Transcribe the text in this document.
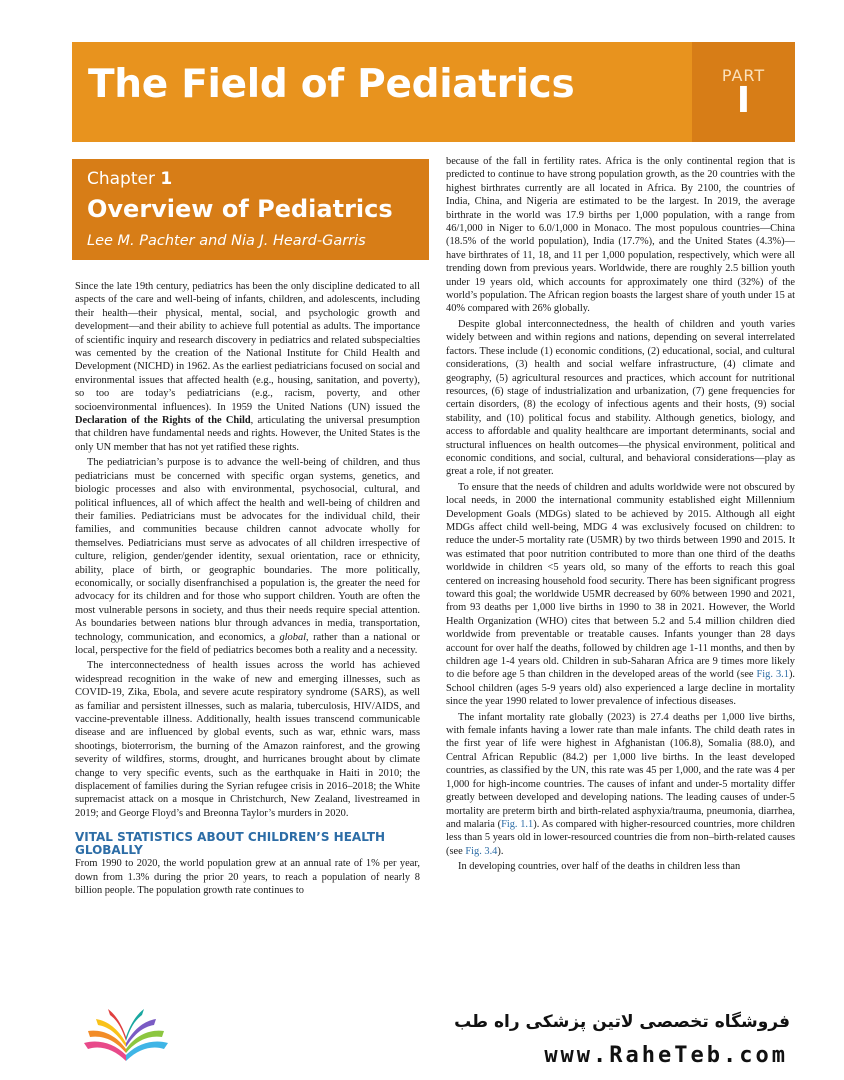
The Field of Pediatrics	PART
I
Chapter 1
Overview of Pediatrics
Lee M. Pachter and Nia J. Heard-Garris

Since the late 19th century, pediatrics has been the only discipline dedicated to all aspects of the care and well-being of infants, children, and adolescents, including their health—their physical, mental, social, and psychologic growth and development—and their ability to achieve full potential as adults. The importance of scientific inquiry and research discovery in pediatrics and related subspecialties was cemented by the creation of the National Institute for Child Health and Development (NICHD) in 1962. As the earliest pediatricians focused on social and environmental issues that affected health (e.g., housing, sanitation, and poverty), so too are today’s pediatricians (e.g., racism, poverty, and other socioenvironmental influences). In 1959 the United Nations (UN) issued the Declaration of the Rights of the Child, articulating the universal presumption that children have fundamental needs and rights. However, the United States is the only UN member that has not yet ratified these rights.

The pediatrician’s purpose is to advance the well-being of children, and thus pediatricians must be concerned with specific organ systems, genetics, and biologic processes and also with environmental, psychosocial, cultural, and political influences, all of which affect the health and well-being of children and their families. Pediatricians must be advocates for the individual child, their families, and communities because children cannot advocate wholly for themselves. Pediatricians must serve as advocates of all children irrespective of culture, religion, gender/gender identity, sexual orientation, race or ethnicity, ability, place of birth, or geographic boundaries. The more politically, economically, or socially disenfranchised a population is, the greater the need for advocacy for its children and for those who support children. Youth are often the most vulnerable persons in society, and thus their needs require special attention. As boundaries between nations blur through advances in media, transportation, technology, communication, and economics, a global, rather than a national or local, perspective for the field of pediatrics becomes both a reality and a necessity.

The interconnectedness of health issues across the world has achieved widespread recognition in the wake of new and emerging illnesses, such as COVID-19, Zika, Ebola, and severe acute respiratory syndrome (SARS), as well as familiar and persistent illnesses, such as malaria, tuberculosis, HIV/AIDS, and vaccine-preventable illness. Additionally, health issues transcend communicable disease and are influenced by global events, such as war, ethnic wars, mass shootings, bioterrorism, the burning of the Amazon rainforest, and the growing severity of wildfires, storms, drought, and hurricanes brought about by climate change to very specific events, such as the earthquake in Haiti in 2010; the displacement of families during the Syrian refugee crisis in 2016–2018; the White supremacist attack on a mosque in Christchurch, New Zealand, livestreamed in 2019; and George Floyd’s and Breonna Taylor’s murders in 2020.

VITAL STATISTICS ABOUT CHILDREN’S HEALTH GLOBALLY

From 1990 to 2020, the world population grew at an annual rate of 1% per year, down from 1.3% during the prior 20 years, to reach a population of nearly 8 billion people. The population growth rate continues to

because of the fall in fertility rates. Africa is the only continental region that is predicted to continue to have strong population growth, as the 20 countries with the highest birthrates currently are all located in Africa. By 2100, the countries of India, China, and Nigeria are estimated to be the largest. In 2019, the average birthrate in the world was 17.9 births per 1,000 population, with a range from 46/1,000 in Niger to 6.0/1,000 in Monaco. The most populous countries—China (18.5% of the world population), India (17.7%), and the United States (4.3%)—have birthrates of 11, 18, and 11 per 1,000 population, respectively, which were all trending down from previous years. Worldwide, there are roughly 2.5 billion youth under 19 years old, which accounts for approximately one third (32%) of the world’s population. The African region boasts the largest share of youth under 15 at 40% compared with 26% globally.

Despite global interconnectedness, the health of children and youth varies widely between and within regions and nations, depending on several interrelated factors. These include (1) economic conditions, (2) educational, social, and cultural considerations, (3) health and social welfare infrastructure, (4) climate and geography, (5) agricultural resources and practices, which account for nutritional resources, (6) stage of industrialization and urbanization, (7) gene frequencies for certain disorders, (8) the ecology of infectious agents and their hosts, (9) social stability, and (10) political focus and stability. Although genetics, biology, and access to affordable and quality healthcare are important determinants, social and structural influences on health outcomes—the physical environment, political and economic conditions, and social, cultural, and behavioral considerations—play as great a role, if not greater.

To ensure that the needs of children and adults worldwide were not obscured by local needs, in 2000 the international community established eight Millennium Development Goals (MDGs) slated to be achieved by 2015. Although all eight MDGs affect child well-being, MDG 4 was exclusively focused on children: to reduce the under-5 mortality rate (U5MR) by two thirds between 1990 and 2015. It was estimated that poor nutrition contributed to more than one third of the deaths worldwide in children <5 years old, so many of the efforts to reach this goal centered on increasing household food security. There has been significant progress toward this goal; the worldwide U5MR decreased by 60% between 1990 and 2021, from 93 deaths per 1,000 live births in 1990 to 38 in 2021. However, the World Health Organization (WHO) cites that between 5.2 and 5.4 million children died worldwide from preventable or treatable causes. Infants younger than 28 days account for over half the deaths, followed by children age 1-11 months, and then by children age 1-4 years old. Children in sub-Saharan Africa are 9 times more likely to die before age 5 than children in the developed areas of the world (see Fig. 3.1). School children (ages 5-9 years old) also experienced a large decline in mortality since the year 1990 related to lower prevalence of infectious diseases.

The infant mortality rate globally (2023) is 27.4 deaths per 1,000 live births, with female infants having a lower rate than male infants. The child death rates in the first year of life were highest in Afghanistan (106.8), Somalia (88.0), and Central African Republic (84.2) per 1,000 live births. In the least developed countries, as classified by the UN, this rate was 45 per 1,000, and the rate was 4 per 1,000 for high-income countries. The causes of infant and under-5 mortality differ greatly between developed and developing nations. The leading causes of under-5 mortality are preterm birth and birth-related asphyxia/trauma, pneumonia, diarrhea, and malaria (Fig. 1.1). As compared with higher-resourced countries, more children less than 5 years old in lower-resourced countries die from non–birth-related causes (see Fig. 3.4).

In developing countries, over half of the deaths in children less than

فروشگاه تخصصی لاتین پزشکی راه طب
www.RaheTeb.com
